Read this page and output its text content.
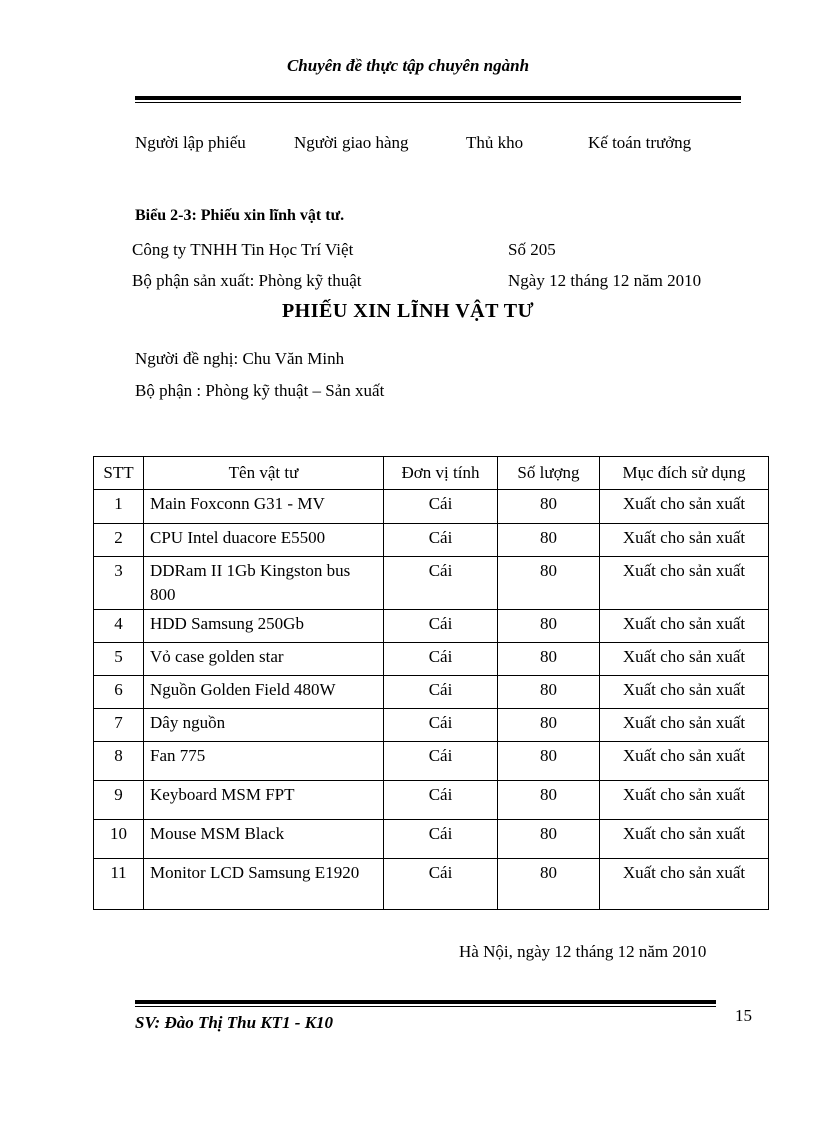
Chuyên đề thực tập chuyên ngành
Người lập phiếu	Người giao hàng	Thủ kho	Kế toán trưởng
Biểu 2-3: Phiếu xin lĩnh vật tư.
Công ty TNHH Tin Học Trí Việt	Số 205
Bộ phận sản xuất: Phòng kỹ thuật	Ngày 12 tháng 12 năm 2010
PHIẾU XIN LĨNH VẬT TƯ
Người đề nghị: Chu Văn Minh
Bộ phận : Phòng kỹ thuật – Sản xuất
STT	Tên vật tư	Đơn vị tính	Số lượng	Mục đích sử dụng
1	Main Foxconn G31 - MV	Cái	80	Xuất cho sản xuất
2	CPU Intel duacore E5500	Cái	80	Xuất cho sản xuất
3	DDRam II 1Gb Kingston bus 800	Cái	80	Xuất cho sản xuất
4	HDD Samsung 250Gb	Cái	80	Xuất cho sản xuất
5	Vỏ case golden star	Cái	80	Xuất cho sản xuất
6	Nguồn Golden Field 480W	Cái	80	Xuất cho sản xuất
7	Dây nguồn	Cái	80	Xuất cho sản xuất
8	Fan 775	Cái	80	Xuất cho sản xuất
9	Keyboard MSM FPT	Cái	80	Xuất cho sản xuất
10	Mouse MSM Black	Cái	80	Xuất cho sản xuất
11	Monitor LCD Samsung E1920	Cái	80	Xuất cho sản xuất
Hà Nội, ngày 12 tháng 12 năm 2010
SV: Đào Thị Thu KT1 - K10	15
